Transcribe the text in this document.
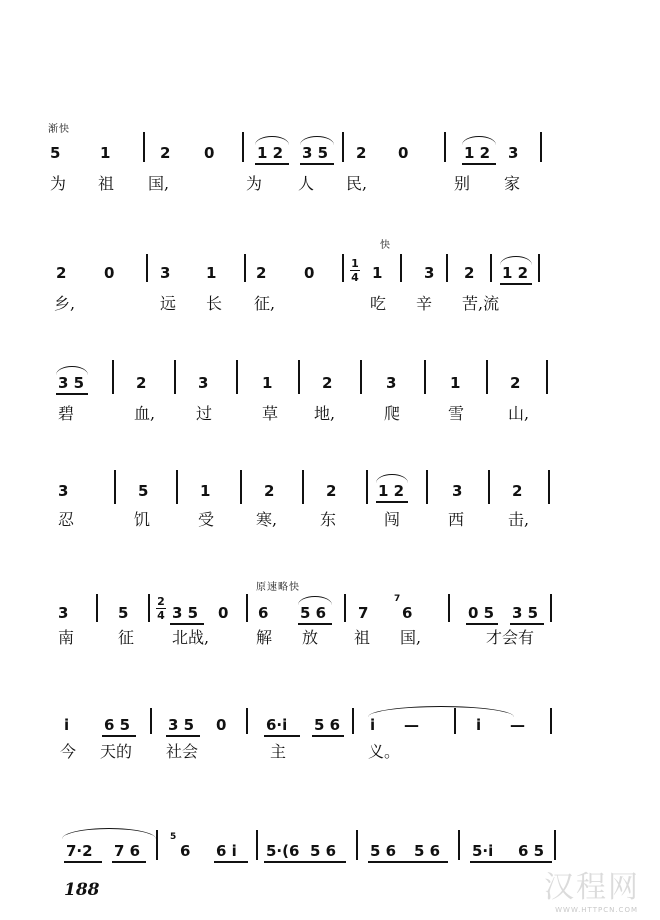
渐快
5	1	2 0	1 2 3 5 2 0	1 2 3
为 祖 国,	为 人 民,	别 家
快
2	0	3 1	2	0
1
4 1	3 2 1 2
乡,	远 长 征,	吃 辛 苦,流
3 5	2	3	1	2	3	1	2
碧	血,	过	草 地,	爬	雪	山,
3	5	1	2	2	1 2	3	2
忍	饥	受	寒,	东	闯	西	击,
原速略快
3	5
2
4 3 5 0 6 5 6 7
7
6	0 5 3 5
南	征 北战,	解 放 祖 国,	才会有
i 6 5	3 5 0	6·i 5 6 i —	i —
今 天的 社会	主	义。
7·2 7 6
5
6 6 i 5·(6 5 6 5 6 5 6 5·i 6 5
188	汉程网
WWW.HTTPCN.COM
